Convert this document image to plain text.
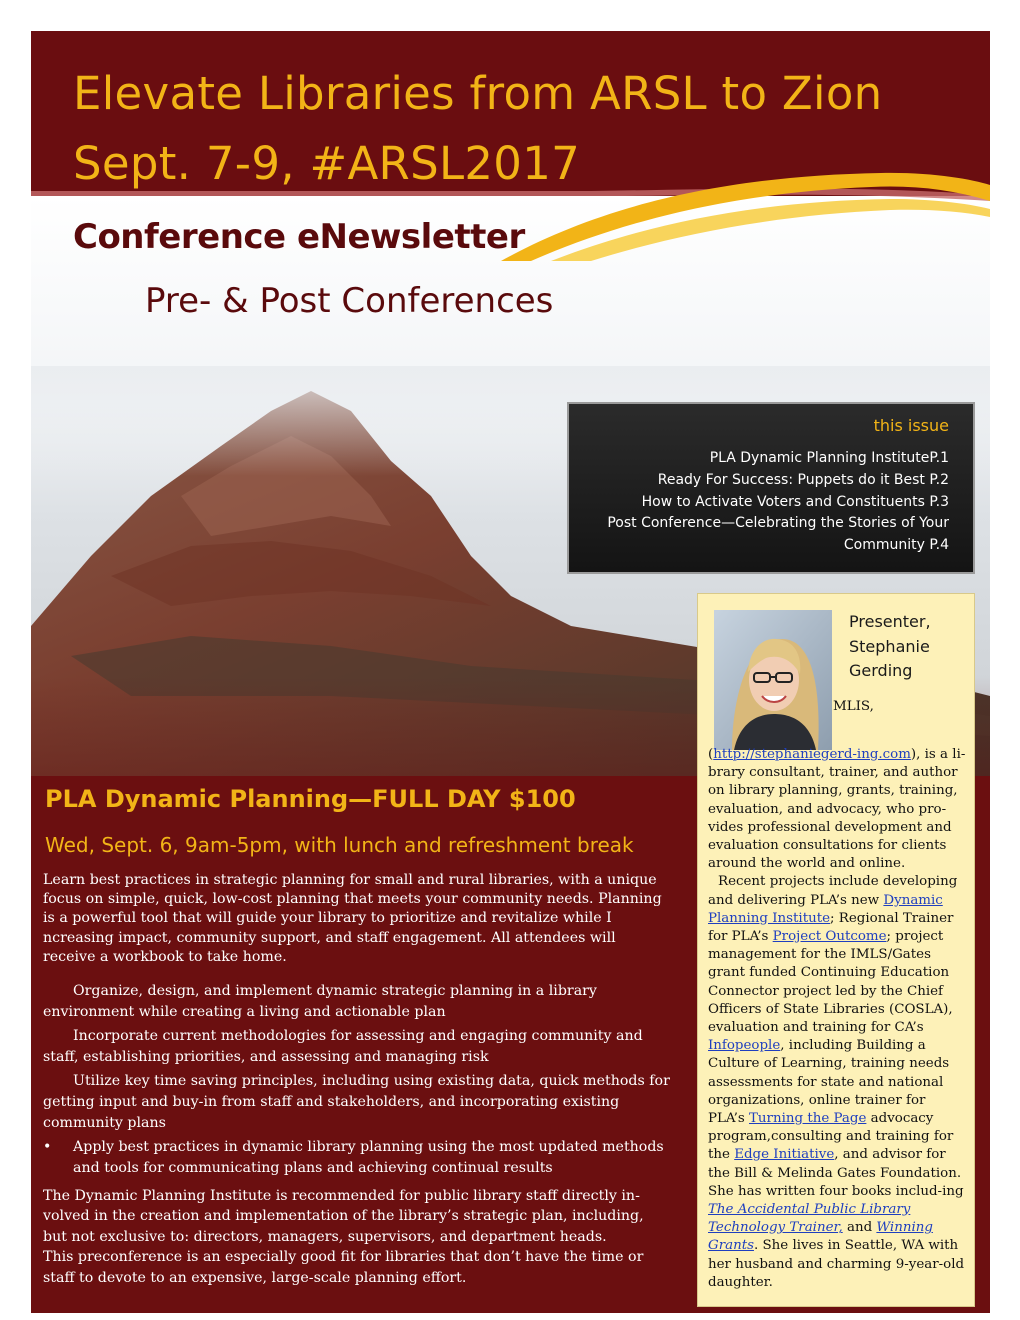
Elevate Libraries from ARSL to Zion
Sept. 7-9, #ARSL2017
Conference eNewsletter
Pre- & Post Conferences
this issue
PLA Dynamic Planning InstituteP.1
Ready For Success: Puppets do it Best P.2
How to Activate Voters and Constituents P.3
Post Conference—Celebrating the Stories of Your Community P.4
PLA Dynamic Planning—FULL DAY $100
Wed, Sept. 6, 9am-5pm, with lunch and refreshment break

Learn best practices in strategic planning for small and rural libraries, with a unique focus on simple, quick, low-cost planning that meets your community needs. Planning is a powerful tool that will guide your library to prioritize and revitalize while I ncreasing impact, community support, and staff engagement. All attendees will receive a workbook to take home.

• Organize, design, and implement dynamic strategic planning in a library environment while creating a living and actionable plan
• Incorporate current methodologies for assessing and engaging community and staff, establishing priorities, and assessing and managing risk
• Utilize key time saving principles, including using existing data, quick methods for getting input and buy-in from staff and stakeholders, and incorporating existing community plans
• Apply best practices in dynamic library planning using the most updated methods and tools for communicating plans and achieving continual results

The Dynamic Planning Institute is recommended for public library staff directly in-volved in the creation and implementation of the library’s strategic plan, including, but not exclusive to: directors, managers, supervisors, and department heads.

This preconference is an especially good fit for libraries that don’t have the time or staff to devote to an expensive, large-scale planning effort.

Presenter,
Stephanie
Gerding

MLIS, (http://stephaniegerd-ing.com), is a li-brary consultant, trainer, and author on library planning, grants, training, evaluation, and advocacy, who pro-vides professional development and evaluation consultations for clients around the world and online.

Recent projects include developing and delivering PLA’s new Dynamic Planning Institute; Regional Trainer for PLA’s Project Outcome; project management for the IMLS/Gates grant funded Continuing Education Connector project led by the Chief Officers of State Libraries (COSLA), evaluation and training for CA’s Infopeople, including Building a Culture of Learning, training needs assessments for state and national organizations, online trainer for PLA’s Turning the Page advocacy program,consulting and training for the Edge Initiative, and advisor for the Bill & Melinda Gates Foundation. She has written four books includ-ing The Accidental Public Library Technology Trainer, and Winning Grants. She lives in Seattle, WA with her husband and charming 9-year-old daughter.
